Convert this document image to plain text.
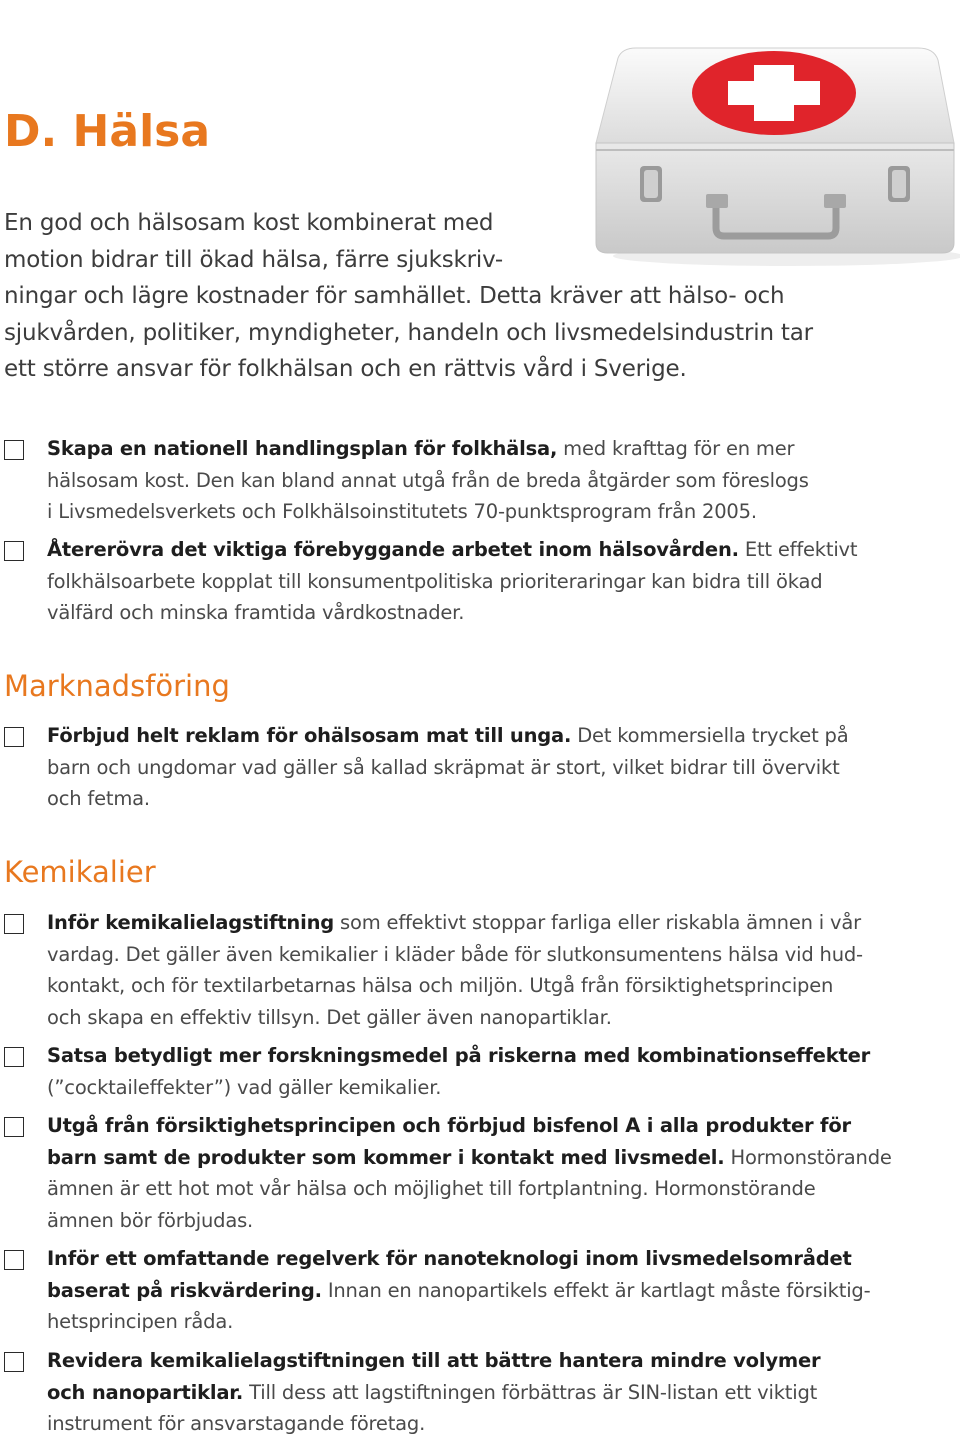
D. Hälsa

En god och hälsosam kost kombinerat med
motion bidrar till ökad hälsa, färre sjukskriv-
ningar och lägre kostnader för samhället. Detta kräver att hälso- och
sjukvården, politiker, myndigheter, handeln och livsmedelsindustrin tar
ett större ansvar för folkhälsan och en rättvis vård i Sverige.

Skapa en nationell handlingsplan för folkhälsa, med krafttag för en mer
hälsosam kost. Den kan bland annat utgå från de breda åtgärder som föreslogs
i Livsmedelsverkets och Folkhälsoinstitutets 70-punktsprogram från 2005.

Återerövra det viktiga förebyggande arbetet inom hälsovården. Ett effektivt
folkhälsoarbete kopplat till konsumentpolitiska prioriteraringar kan bidra till ökad
välfärd och minska framtida vårdkostnader.

Marknadsföring

Förbjud helt reklam för ohälsosam mat till unga. Det kommersiella trycket på
barn och ungdomar vad gäller så kallad skräpmat är stort, vilket bidrar till övervikt
och fetma.

Kemikalier

Inför kemikalielagstiftning som effektivt stoppar farliga eller riskabla ämnen i vår
vardag. Det gäller även kemikalier i kläder både för slutkonsumentens hälsa vid hud-
kontakt, och för textilarbetarnas hälsa och miljön. Utgå från försiktighetsprincipen
och skapa en effektiv tillsyn. Det gäller även nanopartiklar.

Satsa betydligt mer forskningsmedel på riskerna med kombinationseffekter
(”cocktaileffekter”) vad gäller kemikalier.

Utgå från försiktighetsprincipen och förbjud bisfenol A i alla produkter för
barn samt de produkter som kommer i kontakt med livsmedel. Hormonstörande
ämnen är ett hot mot vår hälsa och möjlighet till fortplantning. Hormonstörande
ämnen bör förbjudas.

Inför ett omfattande regelverk för nanoteknologi inom livsmedelsområdet
baserat på riskvärdering. Innan en nanopartikels effekt är kartlagt måste försiktig-
hetsprincipen råda.

Revidera kemikalielagstiftningen till att bättre hantera mindre volymer
och nanopartiklar. Till dess att lagstiftningen förbättras är SIN-listan ett viktigt
instrument för ansvarstagande företag.
